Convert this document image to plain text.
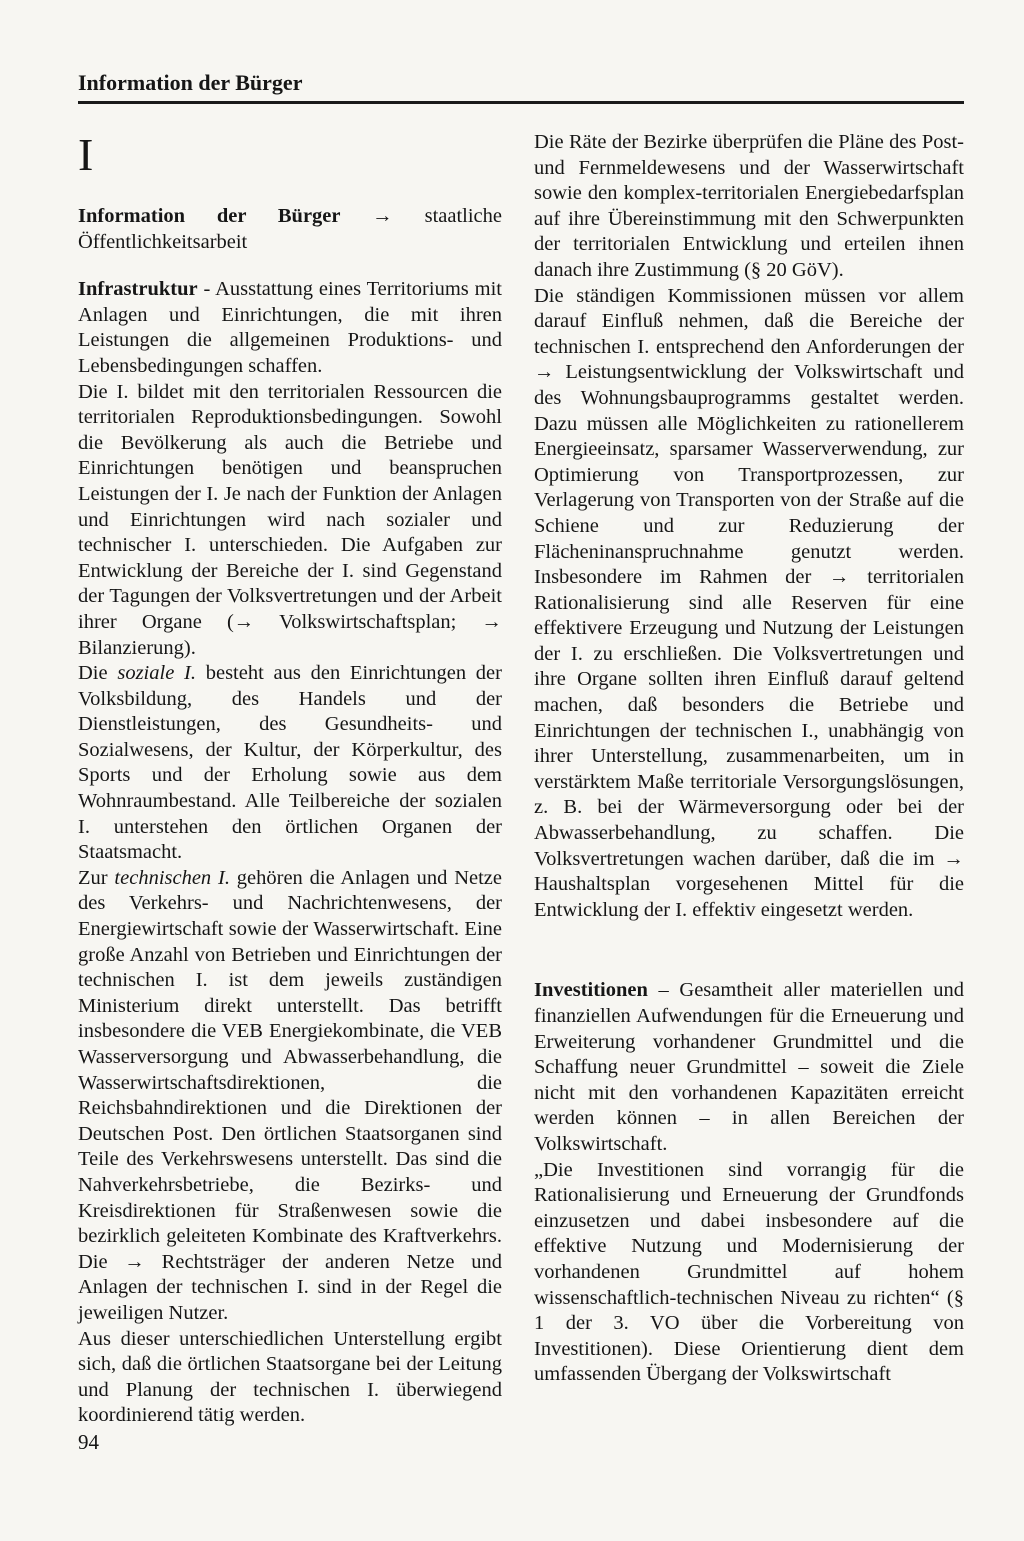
Information der Bürger
I

Information der Bürger → staatliche Öffentlichkeitsarbeit

Infrastruktur - Ausstattung eines Territoriums mit Anlagen und Einrichtungen, die mit ihren Leistungen die allgemeinen Produktions- und Lebensbedingungen schaffen.

Die I. bildet mit den territorialen Ressourcen die territorialen Reproduktionsbedingungen. Sowohl die Bevölkerung als auch die Betriebe und Einrichtungen benötigen und beanspruchen Leistungen der I. Je nach der Funktion der Anlagen und Einrichtungen wird nach sozialer und technischer I. unterschieden. Die Aufgaben zur Entwicklung der Bereiche der I. sind Gegenstand der Tagungen der Volksvertretungen und der Arbeit ihrer Organe (→ Volkswirtschaftsplan; → Bilanzierung).

Die soziale I. besteht aus den Einrichtungen der Volksbildung, des Handels und der Dienstleistungen, des Gesundheits- und Sozialwesens, der Kultur, der Körperkultur, des Sports und der Erholung sowie aus dem Wohnraumbestand. Alle Teilbereiche der sozialen I. unterstehen den örtlichen Organen der Staatsmacht.

Zur technischen I. gehören die Anlagen und Netze des Verkehrs- und Nachrichtenwesens, der Energiewirtschaft sowie der Wasserwirtschaft. Eine große Anzahl von Betrieben und Einrichtungen der technischen I. ist dem jeweils zuständigen Ministerium direkt unterstellt. Das betrifft insbesondere die VEB Energiekombinate, die VEB Wasserversorgung und Abwasserbehandlung, die Wasserwirtschaftsdirektionen, die Reichsbahndirektionen und die Direktionen der Deutschen Post. Den örtlichen Staatsorganen sind Teile des Verkehrswesens unterstellt. Das sind die Nahverkehrsbetriebe, die Bezirks- und Kreisdirektionen für Straßenwesen sowie die bezirklich geleiteten Kombinate des Kraftverkehrs. Die → Rechtsträger der anderen Netze und Anlagen der technischen I. sind in der Regel die jeweiligen Nutzer.

Aus dieser unterschiedlichen Unterstellung ergibt sich, daß die örtlichen Staatsorgane bei der Leitung und Planung der technischen I. überwiegend koordinierend tätig werden.

Die Räte der Bezirke überprüfen die Pläne des Post- und Fernmeldewesens und der Wasserwirtschaft sowie den komplex-territorialen Energiebedarfsplan auf ihre Übereinstimmung mit den Schwerpunkten der territorialen Entwicklung und erteilen ihnen danach ihre Zustimmung (§ 20 GöV).

Die ständigen Kommissionen müssen vor allem darauf Einfluß nehmen, daß die Bereiche der technischen I. entsprechend den Anforderungen der → Leistungsentwicklung der Volkswirtschaft und des Wohnungsbauprogramms gestaltet werden. Dazu müssen alle Möglichkeiten zu rationellerem Energieeinsatz, sparsamer Wasserverwendung, zur Optimierung von Transportprozessen, zur Verlagerung von Transporten von der Straße auf die Schiene und zur Reduzierung der Flächeninanspruchnahme genutzt werden. Insbesondere im Rahmen der → territorialen Rationalisierung sind alle Reserven für eine effektivere Erzeugung und Nutzung der Leistungen der I. zu erschließen. Die Volksvertretungen und ihre Organe sollten ihren Einfluß darauf geltend machen, daß besonders die Betriebe und Einrichtungen der technischen I., unabhängig von ihrer Unterstellung, zusammenarbeiten, um in verstärktem Maße territoriale Versorgungslösungen, z. B. bei der Wärmeversorgung oder bei der Abwasserbehandlung, zu schaffen. Die Volksvertretungen wachen darüber, daß die im → Haushaltsplan vorgesehenen Mittel für die Entwicklung der I. effektiv eingesetzt werden.

Investitionen – Gesamtheit aller materiellen und finanziellen Aufwendungen für die Erneuerung und Erweiterung vorhandener Grundmittel und die Schaffung neuer Grundmittel – soweit die Ziele nicht mit den vorhandenen Kapazitäten erreicht werden können – in allen Bereichen der Volkswirtschaft.

„Die Investitionen sind vorrangig für die Rationalisierung und Erneuerung der Grundfonds einzusetzen und dabei insbesondere auf die effektive Nutzung und Modernisierung der vorhandenen Grundmittel auf hohem wissenschaftlich-technischen Niveau zu richten“ (§ 1 der 3. VO über die Vorbereitung von Investitionen). Diese Orientierung dient dem umfassenden Übergang der Volkswirtschaft

94
